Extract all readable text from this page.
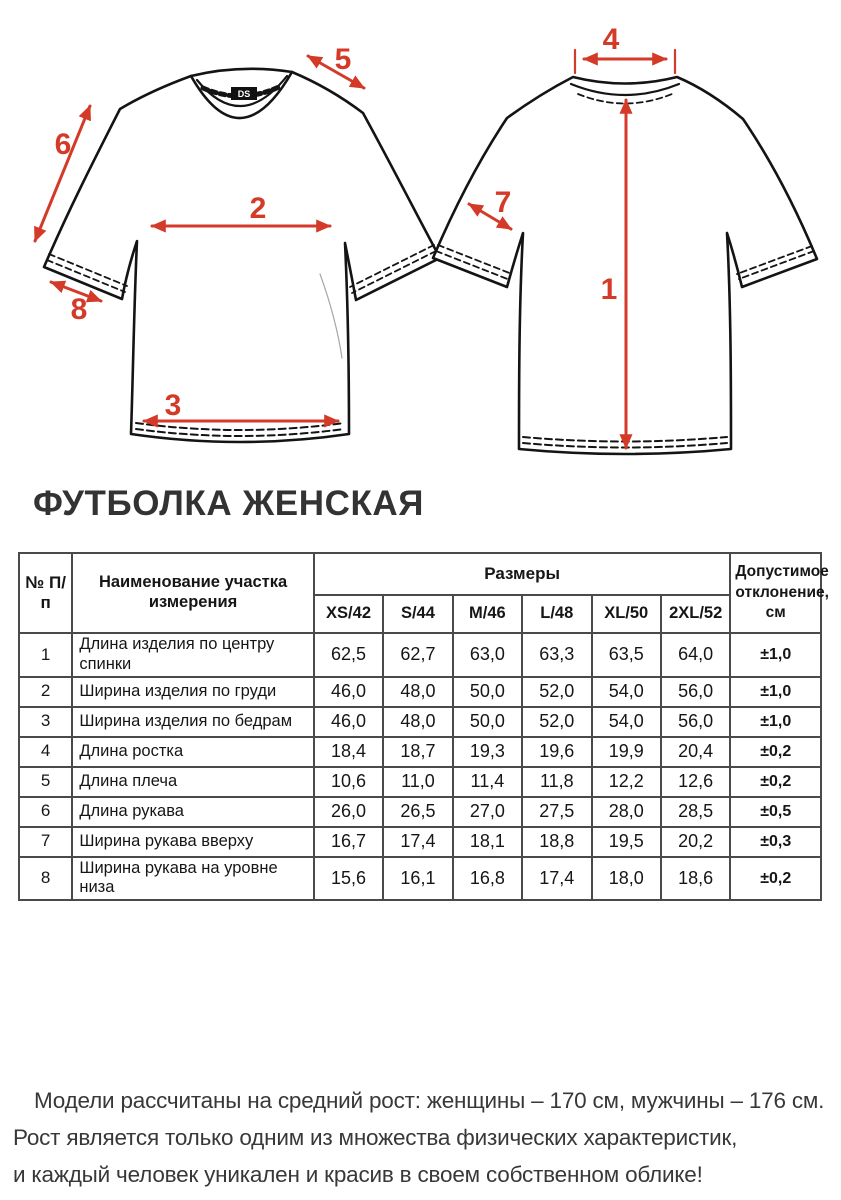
DS
1
2
3
4
5
6
7
8
ФУТБОЛКА ЖЕНСКАЯ
№ П/п	Наименование участка измерения	Размеры						Допустимое отклонение, см
		XS/42	S/44	M/46	L/48	XL/50	2XL/52	
1	Длина изделия по центру спинки	62,5	62,7	63,0	63,3	63,5	64,0	±1,0
2	Ширина изделия по груди	46,0	48,0	50,0	52,0	54,0	56,0	±1,0
3	Ширина изделия по бедрам	46,0	48,0	50,0	52,0	54,0	56,0	±1,0
4	Длина ростка	18,4	18,7	19,3	19,6	19,9	20,4	±0,2
5	Длина плеча	10,6	11,0	11,4	11,8	12,2	12,6	±0,2
6	Длина рукава	26,0	26,5	27,0	27,5	28,0	28,5	±0,5
7	Ширина рукава вверху	16,7	17,4	18,1	18,8	19,5	20,2	±0,3
8	Ширина рукава на уровне низа	15,6	16,1	16,8	17,4	18,0	18,6	±0,2

Модели рассчитаны на средний рост: женщины – 170 см, мужчины – 176 см.

Рост является только одним из множества физических характеристик,

и каждый человек уникален и красив в своем собственном облике!
